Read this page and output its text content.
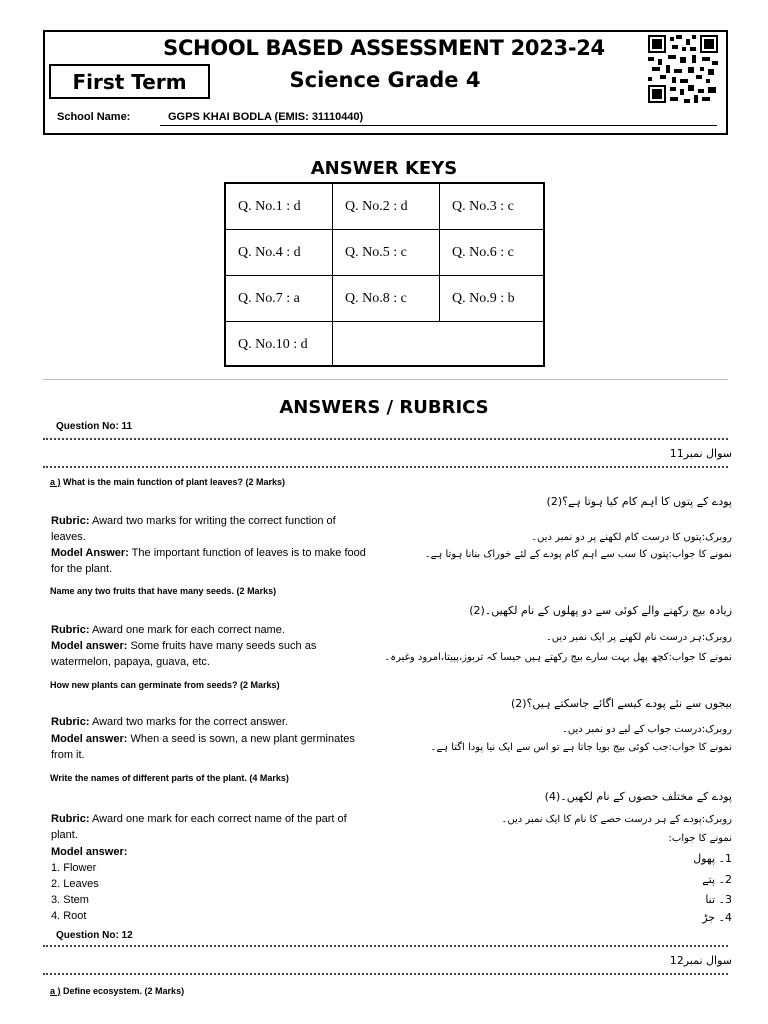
SCHOOL BASED ASSESSMENT 2023-24
First Term	Science Grade 4
School Name:	GGPS KHAI BODLA (EMIS: 31110440)
ANSWER KEYS
Q. No.1 : d	Q. No.2 : d	Q. No.3 : c
Q. No.4 : d	Q. No.5 : c	Q. No.6 : c
Q. No.7 : a	Q. No.8 : c	Q. No.9 : b
Q. No.10 : d
ANSWERS / RUBRICS
Question No: 11
سوال نمبر11
a ) What is the main function of plant leaves? (2 Marks)
Rubric: Award two marks for writing the correct function of leaves.
Model Answer: The important function of leaves is to make food for the plant.
پودے کے پتوں کا اہم کام کیا ہوتا ہے؟(2)
روبرک:پتوں کا درست کام لکھنے پر دو نمبر دیں۔
نمونے کا جواب:پتوں کا سب سے اہم کام پودے کے لئے خوراک بنانا ہوتا ہے۔
Name any two fruits that have many seeds. (2 Marks)
Rubric: Award one mark for each correct name.
Model answer: Some fruits have many seeds such as watermelon, papaya, guava, etc.
زیادہ بیج رکھنے والے کوئی سے دو پھلوں کے نام لکھیں۔(2)
روبرک:ہر درست نام لکھنے پر ایک نمبر دیں۔
نمونے کا جواب:کچھ پھل بہت سارے بیج رکھتے ہیں جیسا کہ تربوز،پپیتا،امرود وغیرہ۔
How new plants can germinate from seeds? (2 Marks)
Rubric: Award two marks for the correct answer.
Model answer: When a seed is sown, a new plant germinates from it.
بیجوں سے نئے پودے کیسے اگائے جاسکتے ہیں؟(2)
روبرک:درست جواب کے لیے دو نمبر دیں۔
نمونے کا جواب:جب کوئی بیج بویا جاتا ہے تو اس سے ایک نیا پودا اگتا ہے۔
Write the names of different parts of the plant. (4 Marks)
Rubric: Award one mark for each correct name of the part of plant.
Model answer:
1. Flower
2. Leaves
3. Stem
4. Root
پودے کے مختلف حصوں کے نام لکھیں۔(4)
روبرک:پودے کے ہر درست حصے کا نام کا ایک نمبر دیں۔
نمونے کا جواب:
1۔ پھول
2۔ پتے
3۔ تنا
4۔ جڑ
Question No: 12
سوال نمبر12
a ) Define ecosystem. (2 Marks)
